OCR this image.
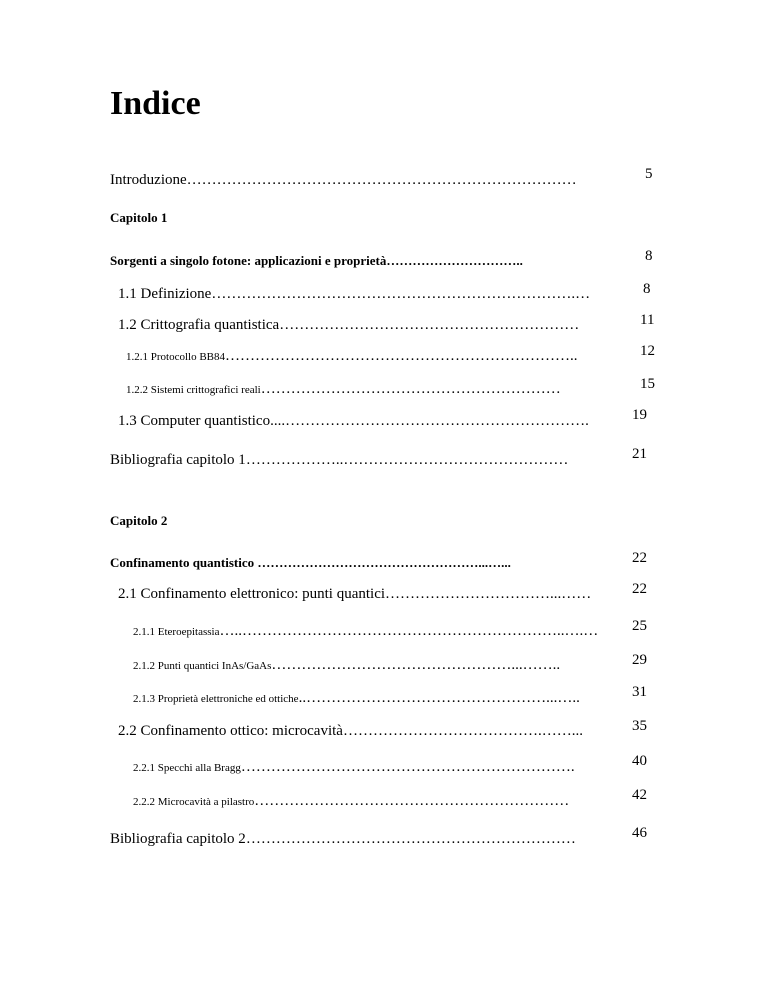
Indice
Introduzione……………………………………………………………………	5
Capitolo 1
Sorgenti a singolo fotone: applicazioni e proprietà…………………………..	8
1.1 Definizione……………………………………………………………….…	8
1.2 Crittografia quantistica……………………………………………………	11
1.2.1 Protocollo BB84……………………………………………………………..	12
1.2.2 Sistemi crittografici reali……………………………………………………	15
1.3 Computer quantistico....…………………………………………………….	19
Bibliografia capitolo 1………………..………………………………………	21
Capitolo 2
Confinamento quantistico ……………………………………………...…...	22
2.1 Confinamento elettronico: punti quantici……………………………...……	22
2.1.1 Eteroepitassia…..………………………………………………………..….…	25
2.1.2 Punti quantici InAs/GaAs…………………………………………...……..	29
2.1.3 Proprietà elettroniche ed ottiche..…………………………………………...…..	31
2.2 Confinamento ottico: microcavità………………………………….……...	35
2.2.1 Specchi alla Bragg………………………………………………………….	40
2.2.2 Microcavità a pilastro………………………………………………………	42
Bibliografia capitolo 2…………………………………………………………	46
